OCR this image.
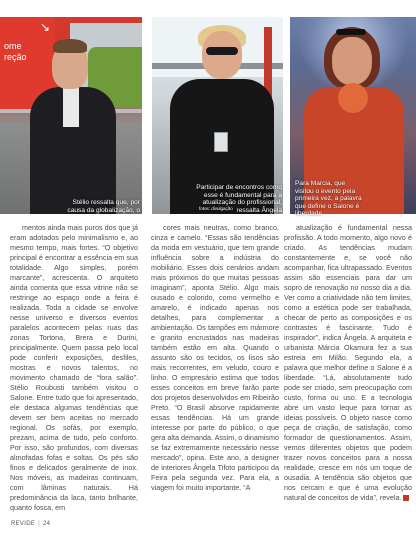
ome
reção
↘
Stélio ressalta que, por causa da globalização, o
Participar de encontros como esse é fundamental para a atualização do profissional, ressalta Ângela
fotos: divulgação
Para Marcia, que visitou o evento pela primeira vez, a palavra que define o Salone é liberdade

mentos ainda mais puros dos que já eram adotados pelo minimalismo e, ao mesmo tempo, mais fortes. “O objetivo principal é encontrar a essência em sua totalidade. Algo simples, porém marcante”, acrescenta. O arquiteto ainda comenta que essa vitrine não se restringe ao espaço onde a feira é realizada. Toda a cidade se envolve nesse universo e diversos eventos paralelos acontecem pelas ruas das zonas Tortona, Brera e Durini, principalmente. Quem passa pelo local pode conferir exposições, desfiles, mostras e novos talentos, no movimento chamado de “fora salão”. Stélio Roubusti também visitou o Salone. Entre tudo que foi apresentado, ele destaca algumas tendências que devem ser bem aceitas no mercado regional. Os sofás, por exemplo, prezam, acima de tudo, pelo conforto. Por isso, são profundos, com diversas almofadas fofas e soltas. Os pés são finos e delicados geralmente de inox. Nos móveis, as madeiras continuam, com lâminas naturais. Há predominância da laca, tanto brilhante, quanto fosca, em

cores mais neutras, como branco, cinza e camelo. “Essas são tendências da moda em vestuário, que tem grande influência sobre a indústria do mobiliário. Esses dois cenários andam mais próximos do que muitas pessoas imaginam”, aponta Stélio. Algo mais ousado e colorido, como vermelho e amarelo, é indicado apenas nos detalhes, para complementar a ambientação. Os tampões em mármore e granito encrustados nas madeiras também estão em alta. Quando o assunto são os tecidos, os lisos são mais recorrentes, em veludo, couro e linho. O empresário estima que todos esses conceitos em breve farão parte dos projetos desenvolvidos em Ribeirão Preto. “O Brasil absorve rapidamente essas tendências. Há um grande interesse por parte do público, o que gera alta demanda. Assim, o dinamismo se faz extremamente necessário nesse mercado”, opina. Este ano, a designer de interiores Ângela Tifoto participou da Feira pela segunda vez. Para ela, a viagem foi muito importante. “A

atualização é fundamental nessa profissão. A todo momento, algo novo é criado. As tendências mudam constantemente e, se você não acompanhar, fica ultrapassado. Eventos assim são essenciais para dar um sopro de renovação no nosso dia a dia. Ver como a criatividade não tem limites, como a estética pode ser trabalhada, checar de perto as composições e os contrastes é fascinante. Tudo é inspirador”, indica Ângela. A arquiteta e urbanista Márcia Okamura fez a sua estreia em Milão. Segundo ela, a palavra que melhor define o Salone é a liberdade. “Lá, absolutamente tudo pode ser criado, sem preocupação com custo, forma ou uso. E a tecnologia abre um vasto leque para tornar as ideias possíveis. O objeto nasce como peça de criação, de satisfação, como formador de questionamentos. Assim, vemos diferentes objetos que podem trazer novos conceitos para a nossa realidade, cresce em nós um toque de ousadia. A tendência são objetos que nos cercam e que é uma evolução natural de conceitos de vida”, revela.

REVIDE | 24
